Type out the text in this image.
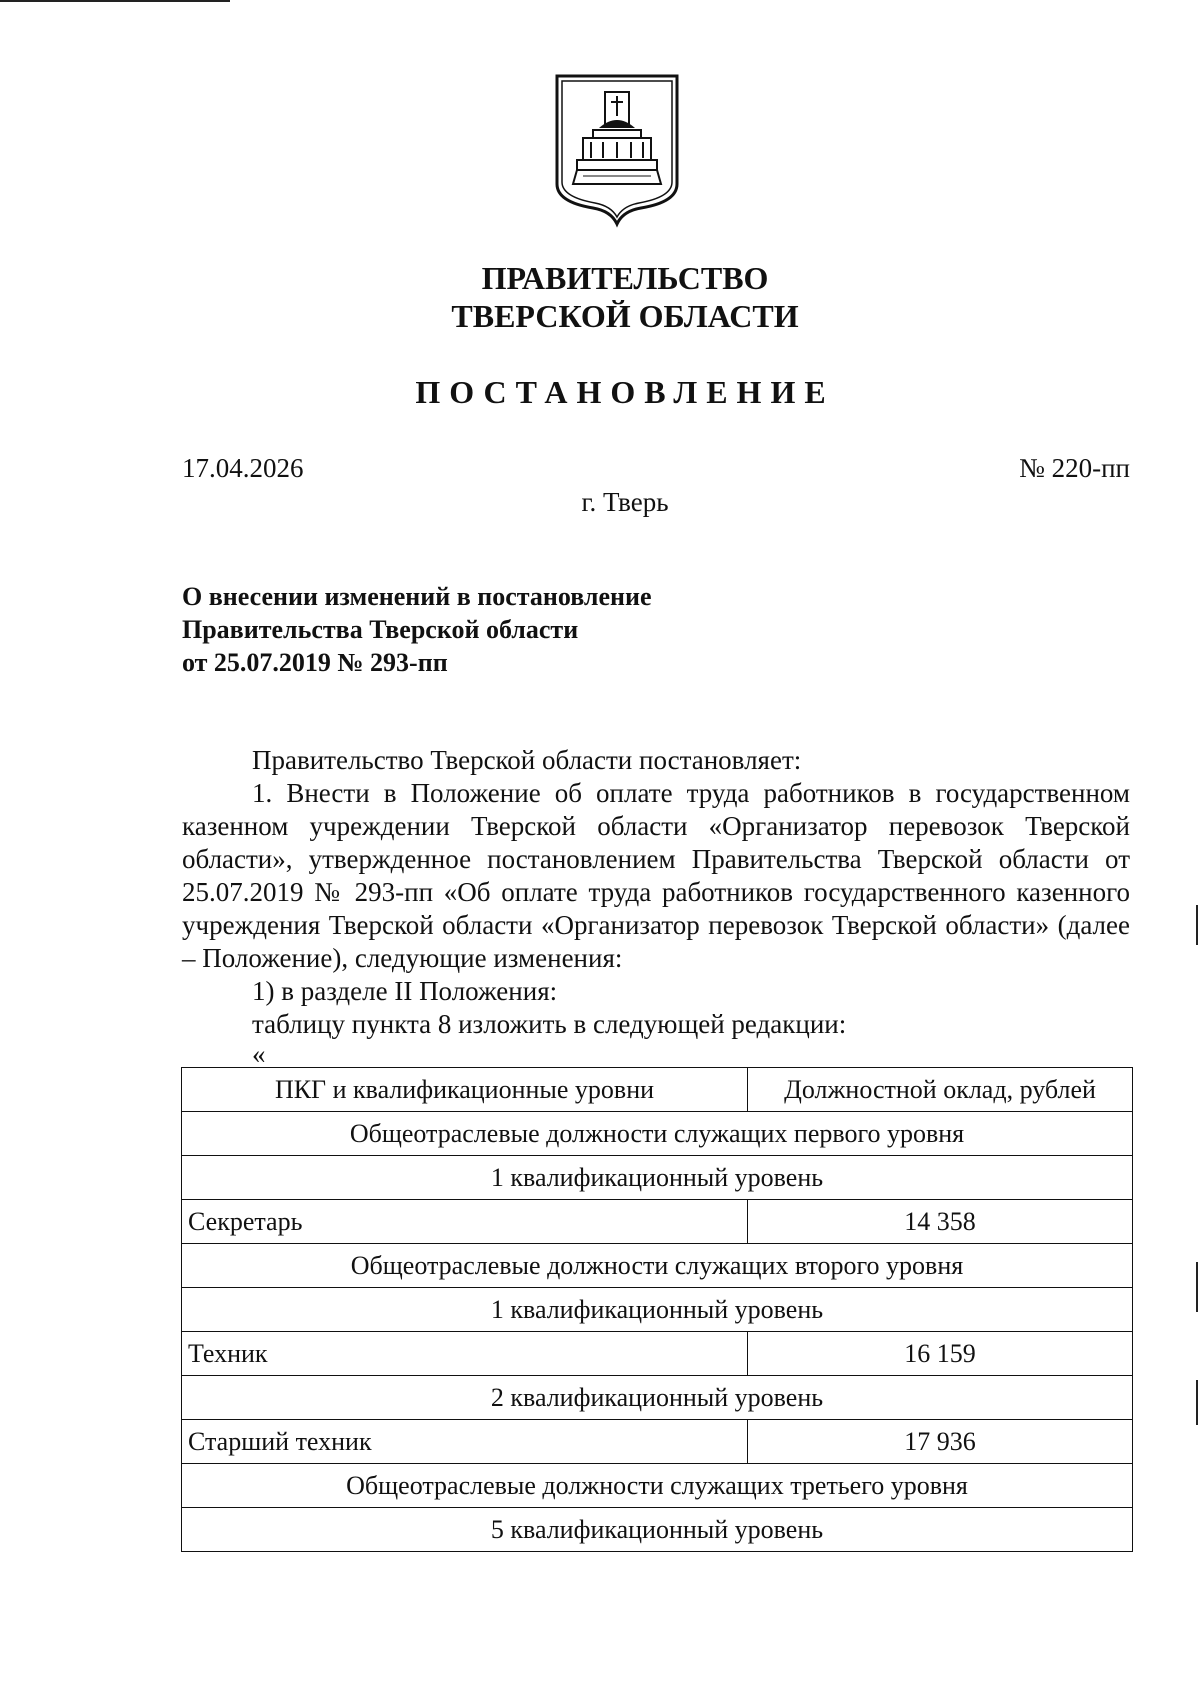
ПРАВИТЕЛЬСТВО
ТВЕРСКОЙ ОБЛАСТИ
ПОСТАНОВЛЕНИЕ
17.04.2026	№ 220-пп
г. Тверь
О внесении изменений в постановление
Правительства Тверской области
от 25.07.2019 № 293-пп

Правительство Тверской области постановляет:

1. Внести в Положение об оплате труда работников в государственном казенном учреждении Тверской области «Организатор перевозок Тверской области», утвержденное постановлением Правительства Тверской области от 25.07.2019 № 293-пп «Об оплате труда работников государственного казенного учреждения Тверской области «Организатор перевозок Тверской области» (далее – Положение), следующие изменения:

1) в разделе II Положения:

таблицу пункта 8 изложить в следующей редакции:

«

ПКГ и квалификационные уровни	Должностной оклад, рублей
Общеотраслевые должности служащих первого уровня	
1 квалификационный уровень	
Секретарь	14 358
Общеотраслевые должности служащих второго уровня	
1 квалификационный уровень	
Техник	16 159
2 квалификационный уровень	
Старший техник	17 936
Общеотраслевые должности служащих третьего уровня	
5 квалификационный уровень	
